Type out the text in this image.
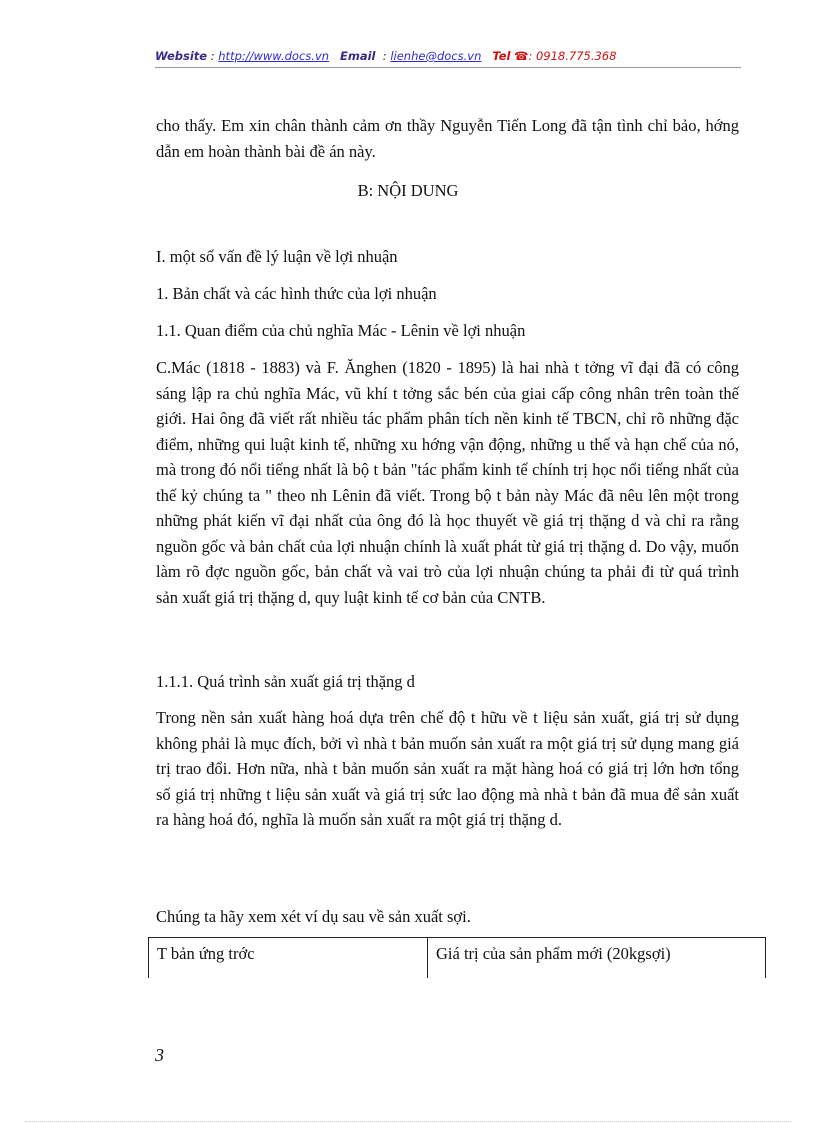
Website : http://www.docs.vn Email  : lienhe@docs.vn Tel ☎: 0918.775.368

cho thấy. Em xin chân thành cảm ơn thầy Nguyễn Tiến Long đã tận tình chỉ bảo, hớng dẫn em hoàn thành bài đề án này.

B: NỘI DUNG

I. một số vấn đề lý luận về lợi nhuận

1. Bản chất và các hình thức của lợi nhuận

1.1. Quan điểm của chủ nghĩa Mác - Lênin về lợi nhuận

C.Mác (1818 - 1883) và F. Ănghen (1820 - 1895) là hai nhà t tởng vĩ đại đã có công sáng lập ra chủ nghĩa Mác, vũ khí t tởng sắc bén của giai cấp công nhân trên toàn thế giới. Hai ông đã viết rất nhiều tác phẩm phân tích nền kinh tế TBCN, chỉ rõ những đặc điểm, những qui luật kinh tế, những xu hớng vận động, những u thế và hạn chế của nó, mà trong đó nổi tiếng nhất là bộ t bản "tác phẩm kinh tế chính trị học nổi tiếng nhất của thế kỷ chúng ta " theo nh Lênin đã viết. Trong bộ t bản này Mác đã nêu lên một trong những phát kiến vĩ đại nhất của ông đó là học thuyết về giá trị thặng d và chỉ ra rằng nguồn gốc và bản chất của lợi nhuận chính là xuất phát từ giá trị thặng d. Do vậy, muốn làm rõ đợc nguồn gốc, bản chất và vai trò của lợi nhuận chúng ta phải đi từ quá trình sản xuất giá trị thặng d, quy luật kinh tế cơ bản của CNTB.

1.1.1. Quá trình sản xuất giá trị thặng d

Trong nền sản xuất hàng hoá dựa trên chế độ t hữu về t liệu sản xuất, giá trị sử dụng không phải là mục đích, bởi vì nhà t bản muốn sản xuất ra một giá trị sử dụng mang giá trị trao đổi. Hơn nữa, nhà t bản muốn sản xuất ra mặt hàng hoá có giá trị lớn hơn tổng số giá trị những t liệu sản xuất và giá trị sức lao động mà nhà t bản đã mua để sản xuất ra hàng hoá đó, nghĩa là muốn sản xuất ra một giá trị thặng d.

Chúng ta hãy xem xét ví dụ sau về sản xuất sợi.

T bản ứng trớc	Giá trị của sản phẩm mới (20kgsợi)
3
